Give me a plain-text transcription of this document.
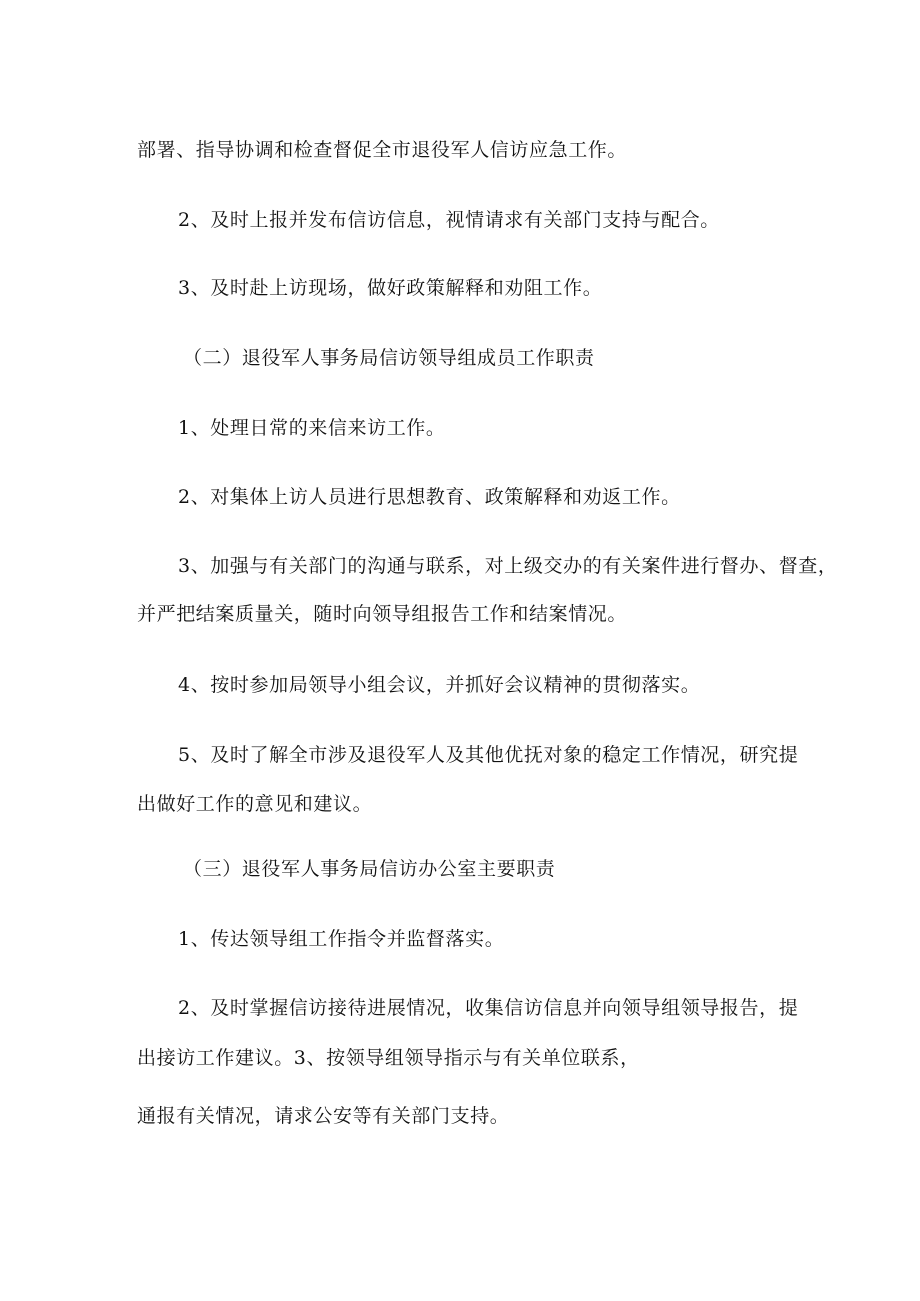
部署、指导协调和检查督促全市退役军人信访应急工作。
2、及时上报并发布信访信息，视情请求有关部门支持与配合。
3、及时赴上访现场，做好政策解释和劝阻工作。
（二）退役军人事务局信访领导组成员工作职责
1、处理日常的来信来访工作。
2、对集体上访人员进行思想教育、政策解释和劝返工作。
3、加强与有关部门的沟通与联系，对上级交办的有关案件进行督办、督查，
并严把结案质量关，随时向领导组报告工作和结案情况。
4、按时参加局领导小组会议，并抓好会议精神的贯彻落实。
5、及时了解全市涉及退役军人及其他优抚对象的稳定工作情况，研究提
出做好工作的意见和建议。
（三）退役军人事务局信访办公室主要职责
1、传达领导组工作指令并监督落实。
2、及时掌握信访接待进展情况，收集信访信息并向领导组领导报告，提
出接访工作建议。3、按领导组领导指示与有关单位联系，
通报有关情况，请求公安等有关部门支持。
